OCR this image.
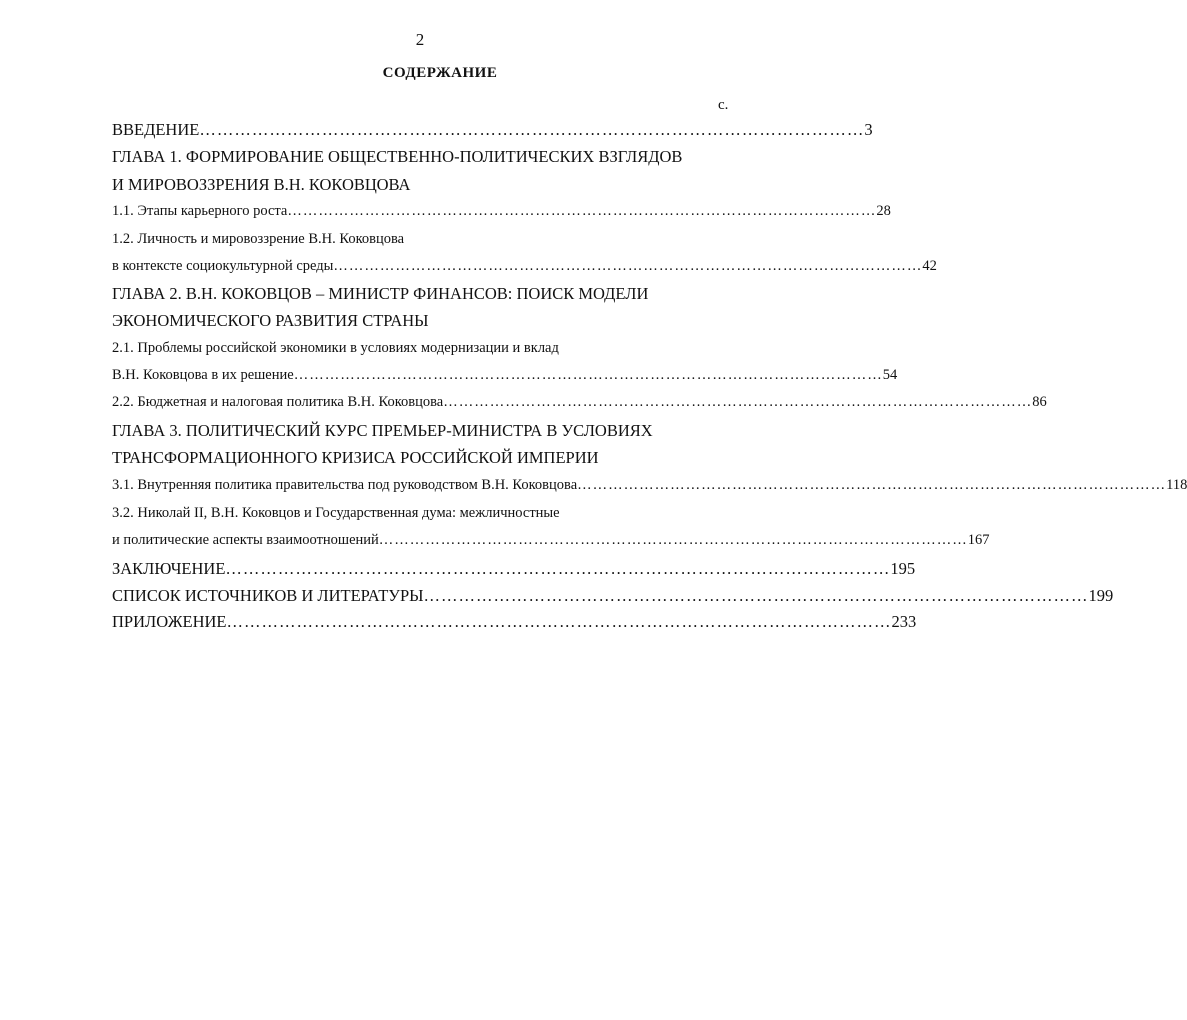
2
СОДЕРЖАНИЕ
с.
ВВЕДЕНИЕ …………………………………………………………………………………………………… 3
ГЛАВА 1. ФОРМИРОВАНИЕ ОБЩЕСТВЕННО-ПОЛИТИЧЕСКИХ ВЗГЛЯДОВ
И МИРОВОЗЗРЕНИЯ В.Н. КОКОВЦОВА
1.1. Этапы карьерного роста …………………………………………………………………………………………………… 28
1.2. Личность и мировоззрение В.Н. Коковцова
в контексте социокультурной среды …………………………………………………………………………………………………… 42
ГЛАВА 2. В.Н. КОКОВЦОВ – МИНИСТР ФИНАНСОВ: ПОИСК МОДЕЛИ
ЭКОНОМИЧЕСКОГО РАЗВИТИЯ СТРАНЫ
2.1. Проблемы российской экономики в условиях модернизации и вклад
В.Н. Коковцова в их решение …………………………………………………………………………………………………… 54
2.2. Бюджетная и налоговая политика В.Н. Коковцова …………………………………………………………………………………………………… 86
ГЛАВА 3. ПОЛИТИЧЕСКИЙ КУРС ПРЕМЬЕР-МИНИСТРА В УСЛОВИЯХ
ТРАНСФОРМАЦИОННОГО КРИЗИСА РОССИЙСКОЙ ИМПЕРИИ
3.1. Внутренняя политика правительства под руководством В.Н. Коковцова …………………………………………………………………………………………………… 118
3.2. Николай II, В.Н. Коковцов и Государственная дума: межличностные
и политические аспекты взаимоотношений …………………………………………………………………………………………………… 167
ЗАКЛЮЧЕНИЕ …………………………………………………………………………………………………… 195
СПИСОК ИСТОЧНИКОВ И ЛИТЕРАТУРЫ …………………………………………………………………………………………………… 199
ПРИЛОЖЕНИЕ …………………………………………………………………………………………………… 233
